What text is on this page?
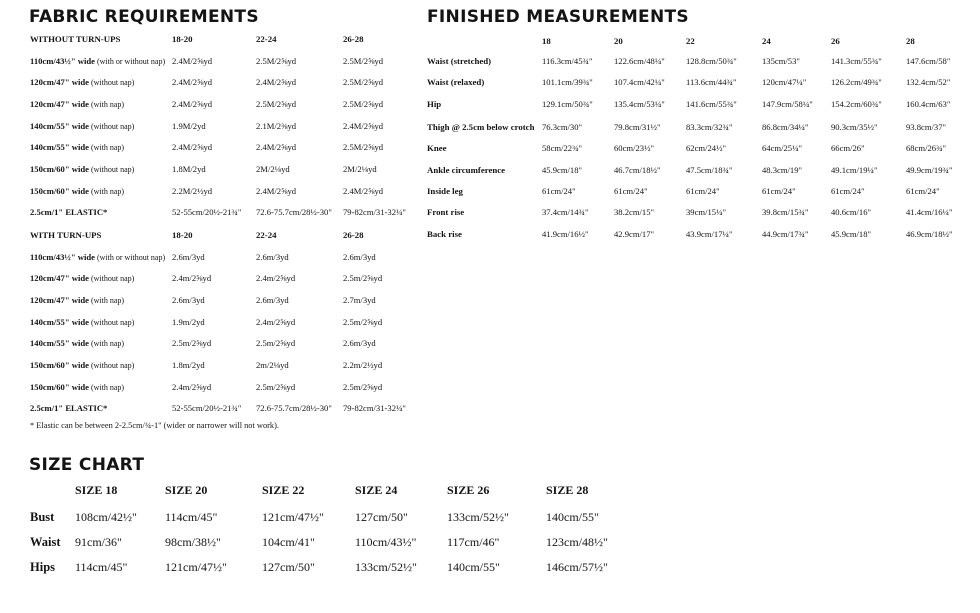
FABRIC REQUIREMENTS
WITHOUT TURN-UPS	18-20	22-24	26-28
110cm/43½" wide (with or without nap) 2.4M/2⅝yd	2.5M/2⅝yd	2.5M/2⅝yd
120cm/47" wide (without nap)	2.4M/2⅝yd	2.4M/2⅝yd	2.5M/2⅝yd
120cm/47" wide (with nap)	2.4M/2⅝yd	2.5M/2⅝yd	2.5M/2⅝yd
140cm/55" wide (without nap)	1.9M/2yd	2.1M/2⅜yd	2.4M/2⅝yd
140cm/55" wide (with nap)	2.4M/2⅝yd	2.4M/2⅝yd	2.5M/2⅝yd
150cm/60" wide (without nap)	1.8M/2yd	2M/2⅛yd	2M/2⅛yd
150cm/60" wide (with nap)	2.2M/2½yd	2.4M/2⅝yd	2.4M/2⅝yd
2.5cm/1" ELASTIC*	52-55cm/20½-21¾" 72.6-75.7cm/28½-30" 79-82cm/31-32¼"
WITH TURN-UPS	18-20	22-24	26-28
110cm/43½" wide (with or without nap) 2.6m/3yd	2.6m/3yd	2.6m/3yd
120cm/47" wide (without nap)	2.4m/2⅝yd	2.4m/2⅝yd	2.5m/2⅝yd
120cm/47" wide (with nap)	2.6m/3yd	2.6m/3yd	2.7m/3yd
140cm/55" wide (without nap)	1.9m/2yd	2.4m/2⅝yd	2.5m/2⅝yd
140cm/55" wide (with nap)	2.5m/2⅝yd	2.5m/2⅝yd	2.6m/3yd
150cm/60" wide (without nap)	1.8m/2yd	2m/2⅛yd	2.2m/2½yd
150cm/60" wide (with nap)	2.4m/2⅝yd	2.5m/2⅝yd	2.5m/2⅝yd
2.5cm/1" ELASTIC*	52-55cm/20½-21¾" 72.6-75.7cm/28½-30" 79-82cm/31-32¼"
* Elastic can be between 2-2.5cm/¾-1" (wider or narrower will not work).
FINISHED MEASUREMENTS
18	20	22	24	26	28
Waist (stretched)	116.3cm/45¾"	122.6cm/48¼" 128.8cm/50¾"	135cm/53"	141.3cm/55¾"	147.6cm/58"
Waist (relaxed)	101.1cm/39¾" 107.4cm/42¼" 113.6cm/44¾"	120cm/47¼"	126.2cm/49¾"	132.4cm/52"
Hip	129.1cm/50¾" 135.4cm/53¼" 141.6cm/55¾"	147.9cm/58¼" 154.2cm/60¾"	160.4cm/63"
Thigh @ 2.5cm below crotch 76.3cm/30"	79.8cm/31½"	83.3cm/32¾"	86.8cm/34¼"	90.3cm/35½"	93.8cm/37"
Knee	58cm/22¾"	60cm/23½"	62cm/24½"	64cm/25¼"	66cm/26"	68cm/26¾"
Ankle circumference	45.9cm/18"	46.7cm/18½"	47.5cm/18¾"	48.3cm/19"	49.1cm/19¼"	49.9cm/19¾"
Inside leg	61cm/24"	61cm/24"	61cm/24"	61cm/24"	61cm/24"	61cm/24"
Front rise	37.4cm/14¾"	38.2cm/15"	39cm/15¼"	39.8cm/15¾"	40.6cm/16"	41.4cm/16¼"
Back rise	41.9cm/16½"	42.9cm/17"	43.9cm/17¼"	44.9cm/17¾"	45.9cm/18"	46.9cm/18½"
SIZE CHART
SIZE 18	SIZE 20	SIZE 22	SIZE 24	SIZE 26	SIZE 28
Bust 108cm/42½" 114cm/45"	121cm/47½"	127cm/50"	133cm/52½"	140cm/55"
Waist 91cm/36"	98cm/38½"	104cm/41"	110cm/43½"	117cm/46"	123cm/48½"
Hips 114cm/45"	121cm/47½"	127cm/50"	133cm/52½"	140cm/55"	146cm/57½"
